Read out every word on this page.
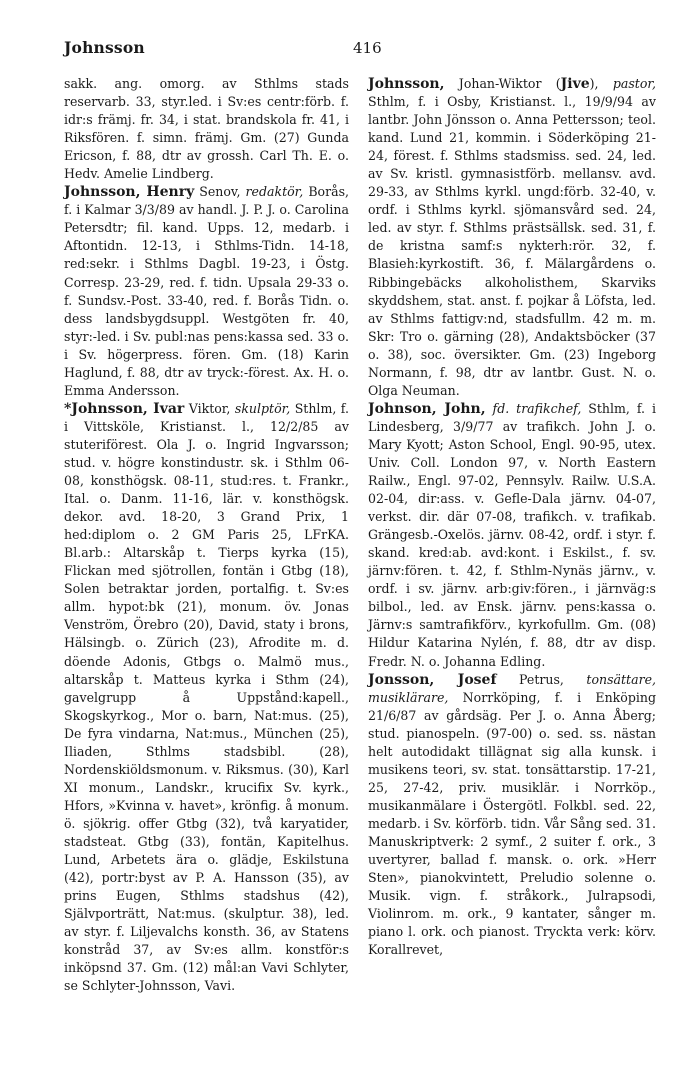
Johnsson	416

sakk. ang. omorg. av Sthlms stads reservarb. 33, styr.led. i Sv:es centr:förb. f. idr:s främj. fr. 34, i stat. brandskola fr. 41, i Riksfören. f. simn. främj. Gm. (27) Gunda Ericson, f. 88, dtr av grossh. Carl Th. E. o. Hedv. Amelie Lindberg.

Johnsson, Henry Senov, redaktör, Borås, f. i Kalmar 3/3/89 av handl. J. P. J. o. Carolina Petersdtr; fil. kand. Upps. 12, medarb. i Aftontidn. 12-13, i Sthlms-Tidn. 14-18, red:sekr. i Sthlms Dagbl. 19-23, i Östg. Corresp. 23-29, red. f. tidn. Upsala 29-33 o. f. Sundsv.-Post. 33-40, red. f. Borås Tidn. o. dess landsbygdsuppl. Westgöten fr. 40, styr:-led. i Sv. publ:nas pens:kassa sed. 33 o. i Sv. högerpress. fören. Gm. (18) Karin Haglund, f. 88, dtr av tryck:-förest. Ax. H. o. Emma Andersson.

*Johnsson, Ivar Viktor, skulptör, Sthlm, f. i Vittsköle, Kristianst. l., 12/2/85 av stuteriförest. Ola J. o. Ingrid Ingvarsson; stud. v. högre konstindustr. sk. i Sthlm 06-08, konsthögsk. 08-11, stud:res. t. Frankr., Ital. o. Danm. 11-16, lär. v. konsthögsk. dekor. avd. 18-20, 3 Grand Prix, 1 hed:diplom o. 2 GM Paris 25, LFrKA. Bl.arb.: Altarskåp t. Tierps kyrka (15), Flickan med sjötrollen, fontän i Gtbg (18), Solen betraktar jorden, portalfig. t. Sv:es allm. hypot:bk (21), monum. öv. Jonas Venström, Örebro (20), David, staty i brons, Hälsingb. o. Zürich (23), Afrodite m. d. döende Adonis, Gtbgs o. Malmö mus., altarskåp t. Matteus kyrka i Sthm (24), gavelgrupp å Uppstånd:kapell., Skogskyrkog., Mor o. barn, Nat:mus. (25), De fyra vindarna, Nat:mus., München (25), Iliaden, Sthlms stadsbibl. (28), Nordenskiöldsmonum. v. Riksmus. (30), Karl XI monum., Landskr., krucifix Sv. kyrk., Hfors, »Kvinna v. havet», krönfig. å monum. ö. sjökrig. offer Gtbg (32), två karyatider, stadsteat. Gtbg (33), fontän, Kapitelhus. Lund, Arbetets ära o. glädje, Eskilstuna (42), portr:byst av P. A. Hansson (35), av prins Eugen, Sthlms stadshus (42), Självporträtt, Nat:mus. (skulptur. 38), led. av styr. f. Liljevalchs konsth. 36, av Statens konstråd 37, av Sv:es allm. konstför:s inköpsnd 37. Gm. (12) mål:an Vavi Schlyter, se Schlyter-Johnsson, Vavi.

Johnsson, Johan-Wiktor (Jive), pastor, Sthlm, f. i Osby, Kristianst. l., 19/9/94 av lantbr. John Jönsson o. Anna Pettersson; teol. kand. Lund 21, kommin. i Söderköping 21-24, förest. f. Sthlms stadsmiss. sed. 24, led. av Sv. kristl. gymnasistförb. mellansv. avd. 29-33, av Sthlms kyrkl. ungd:förb. 32-40, v. ordf. i Sthlms kyrkl. sjömansvård sed. 24, led. av styr. f. Sthlms prästsällsk. sed. 31, f. de kristna samf:s nykterh:rör. 32, f. Blasieh:kyrkostift. 36, f. Mälargårdens o. Ribbingebäcks alkoholisthem, Skarviks skyddshem, stat. anst. f. pojkar å Löfsta, led. av Sthlms fattigv:nd, stadsfullm. 42 m. m. Skr: Tro o. gärning (28), Andaktsböcker (37 o. 38), soc. översikter. Gm. (23) Ingeborg Normann, f. 98, dtr av lantbr. Gust. N. o. Olga Neuman.

Johnson, John, fd. trafikchef, Sthlm, f. i Lindesberg, 3/9/77 av trafikch. John J. o. Mary Kyott; Aston School, Engl. 90-95, utex. Univ. Coll. London 97, v. North Eastern Railw., Engl. 97-02, Pennsylv. Railw. U.S.A. 02-04, dir:ass. v. Gefle-Dala järnv. 04-07, verkst. dir. där 07-08, trafikch. v. trafikab. Grängesb.-Oxelös. järnv. 08-42, ordf. i styr. f. skand. kred:ab. avd:kont. i Eskilst., f. sv. järnv:fören. t. 42, f. Sthlm-Nynäs järnv., v. ordf. i sv. järnv. arb:giv:fören., i järnväg:s bilbol., led. av Ensk. järnv. pens:kassa o. Järnv:s samtrafikförv., kyrkofullm. Gm. (08) Hildur Katarina Nylén, f. 88, dtr av disp. Fredr. N. o. Johanna Edling.

Jonsson, Josef Petrus, tonsättare, musiklärare, Norrköping, f. i Enköping 21/6/87 av gårdsäg. Per J. o. Anna Åberg; stud. pianospeln. (97-00) o. sed. ss. nästan helt autodidakt tillägnat sig alla kunsk. i musikens teori, sv. stat. tonsättarstip. 17-21, 25, 27-42, priv. musiklär. i Norrköp., musikanmälare i Östergötl. Folkbl. sed. 22, medarb. i Sv. körförb. tidn. Vår Sång sed. 31. Manuskriptverk: 2 symf., 2 suiter f. ork., 3 uvertyrer, ballad f. mansk. o. ork. »Herr Sten», pianokvintett, Preludio solenne o. Musik. vign. f. stråkork., Julrapsodi, Violinrom. m. ork., 9 kantater, sånger m. piano l. ork. och pianost. Tryckta verk: körv. Korallrevet,
